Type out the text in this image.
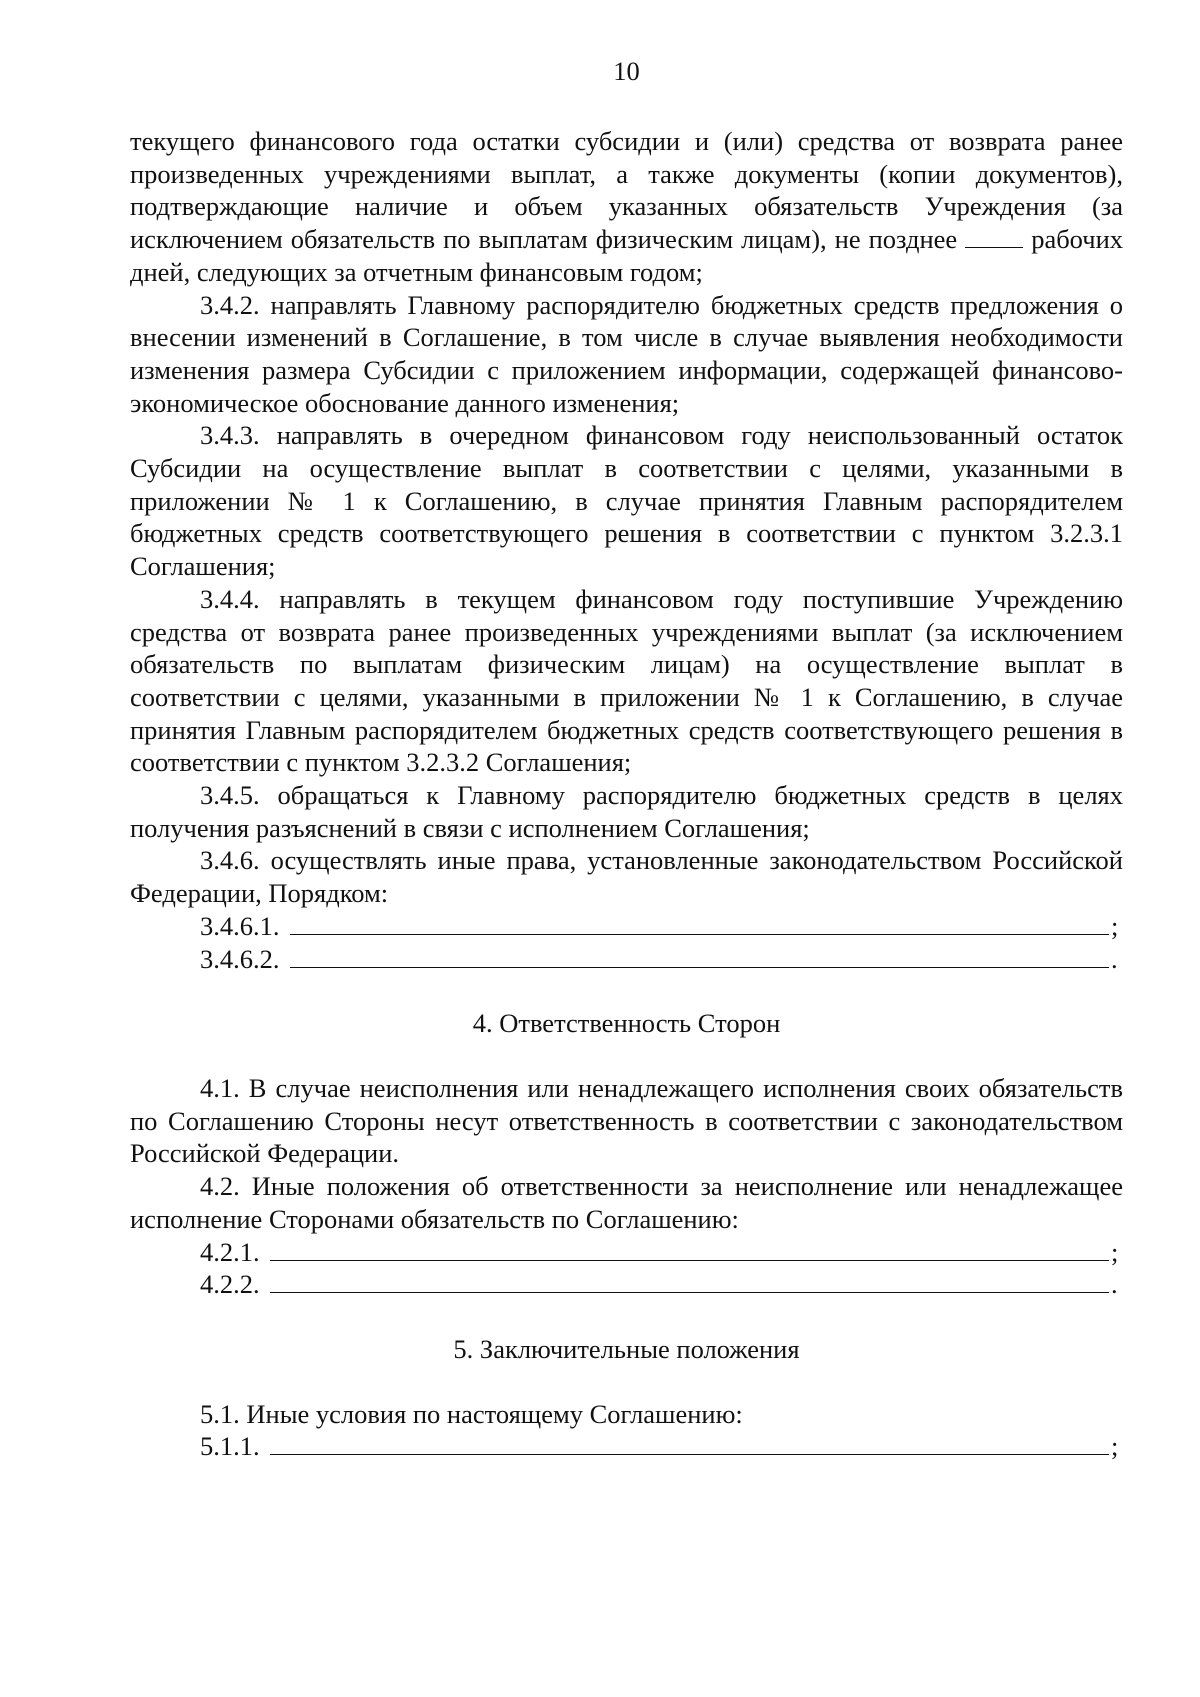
10

текущего финансового года остатки субсидии и (или) средства от возврата ранее произведенных учреждениями выплат, а также документы (копии документов), подтверждающие наличие и объем указанных обязательств Учреждения (за исключением обязательств по выплатам физическим лицам), не позднее	рабочих дней, следующих за отчетным финансовым годом;

3.4.2. направлять Главному распорядителю бюджетных средств предложения о внесении изменений в Соглашение, в том числе в случае выявления необходимости изменения размера Субсидии с приложением информации, содержащей финансово-экономическое обоснование данного изменения;

3.4.3. направлять в очередном финансовом году неиспользованный остаток Субсидии на осуществление выплат в соответствии с целями, указанными в приложении № 1 к Соглашению, в случае принятия Главным распорядителем бюджетных средств соответствующего решения в соответствии с пунктом 3.2.3.1 Соглашения;

3.4.4. направлять в текущем финансовом году поступившие Учреждению средства от возврата ранее произведенных учреждениями выплат (за исключением обязательств по выплатам физическим лицам) на осуществление выплат в соответствии с целями, указанными в приложении № 1 к Соглашению, в случае принятия Главным распорядителем бюджетных средств соответствующего решения в соответствии с пунктом 3.2.3.2 Соглашения;

3.4.5. обращаться к Главному распорядителю бюджетных средств в целях получения разъяснений в связи с исполнением Соглашения;

3.4.6. осуществлять иные права, установленные законодательством Российской Федерации, Порядком:

3.4.6.1.	;
3.4.6.2.	.
4. Ответственность Сторон

4.1. В случае неисполнения или ненадлежащего исполнения своих обязательств по Соглашению Стороны несут ответственность в соответствии с законодательством Российской Федерации.

4.2. Иные положения об ответственности за неисполнение или ненадлежащее исполнение Сторонами обязательств по Соглашению:

4.2.1.	;
4.2.2.	.
5. Заключительные положения

5.1. Иные условия по настоящему Соглашению:

5.1.1.	;
